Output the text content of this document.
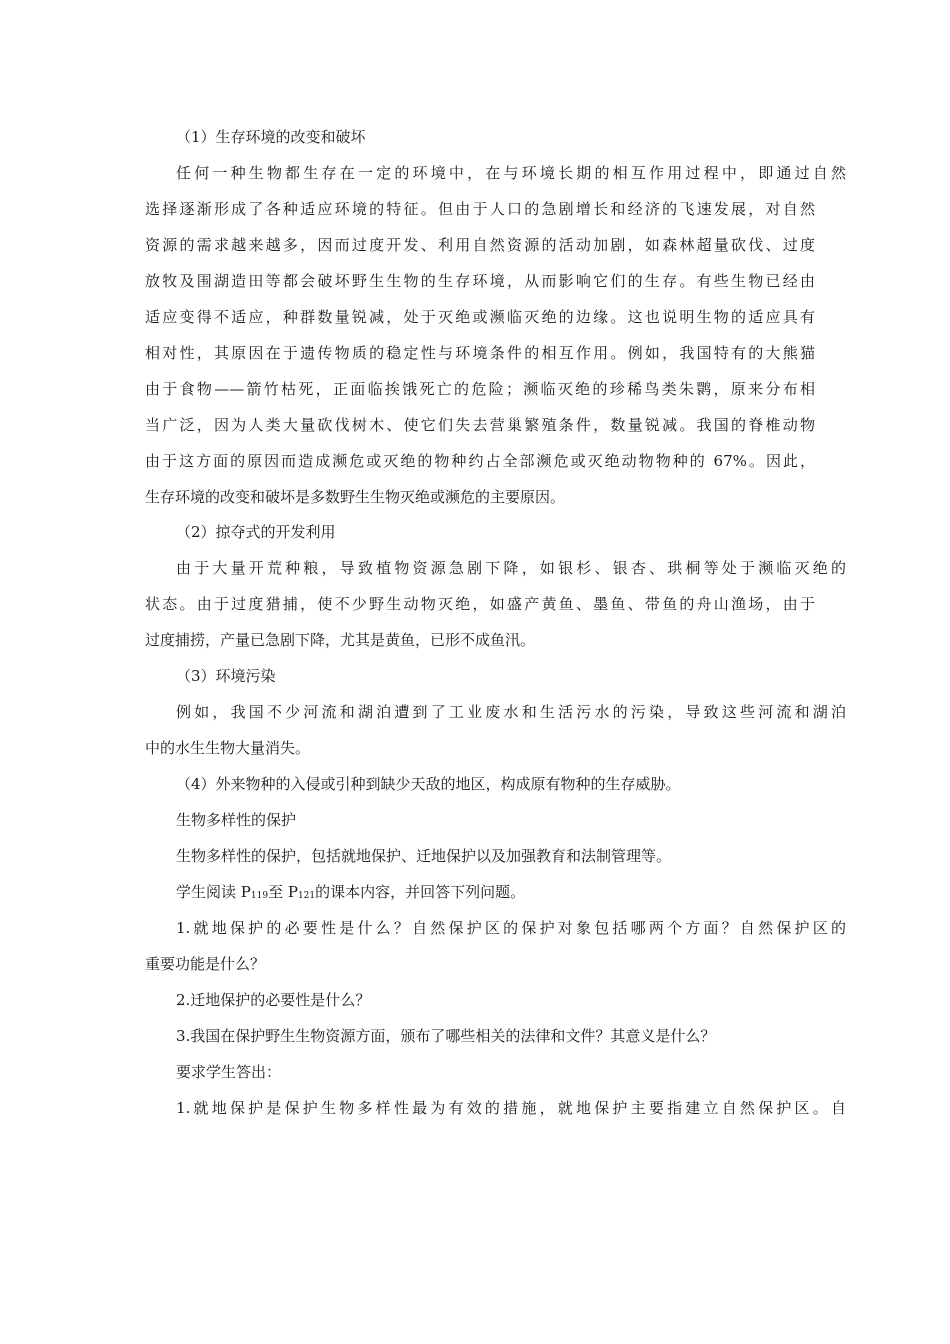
（1）生存环境的改变和破坏
任何一种生物都生存在一定的环境中，在与环境长期的相互作用过程中，即通过自然
选择逐渐形成了各种适应环境的特征。但由于人口的急剧增长和经济的飞速发展，对自然
资源的需求越来越多，因而过度开发、利用自然资源的活动加剧，如森林超量砍伐、过度
放牧及围湖造田等都会破坏野生生物的生存环境，从而影响它们的生存。有些生物已经由
适应变得不适应，种群数量锐减，处于灭绝或濒临灭绝的边缘。这也说明生物的适应具有
相对性，其原因在于遗传物质的稳定性与环境条件的相互作用。例如，我国特有的大熊猫
由于食物——箭竹枯死，正面临挨饿死亡的危险；濒临灭绝的珍稀鸟类朱鹮，原来分布相
当广泛，因为人类大量砍伐树木、使它们失去营巢繁殖条件，数量锐减。我国的脊椎动物
由于这方面的原因而造成濒危或灭绝的物种约占全部濒危或灭绝动物物种的 67%。因此，
生存环境的改变和破坏是多数野生生物灭绝或濒危的主要原因。
（2）掠夺式的开发利用
由于大量开荒种粮，导致植物资源急剧下降，如银杉、银杏、珙桐等处于濒临灭绝的
状态。由于过度猎捕，使不少野生动物灭绝，如盛产黄鱼、墨鱼、带鱼的舟山渔场，由于
过度捕捞，产量已急剧下降，尤其是黄鱼，已形不成鱼汛。
（3）环境污染
例如，我国不少河流和湖泊遭到了工业废水和生活污水的污染，导致这些河流和湖泊
中的水生生物大量消失。
（4）外来物种的入侵或引种到缺少天敌的地区，构成原有物种的生存威胁。
生物多样性的保护
生物多样性的保护，包括就地保护、迁地保护以及加强教育和法制管理等。
学生阅读 $P_{119}$至 $P_{121}$的课本内容，并回答下列问题。
1.就地保护的必要性是什么？自然保护区的保护对象包括哪两个方面？自然保护区的
重要功能是什么？
2.迁地保护的必要性是什么？
3.我国在保护野生生物资源方面，颁布了哪些相关的法律和文件？其意义是什么？
要求学生答出：
1.就地保护是保护生物多样性最为有效的措施，就地保护主要指建立自然保护区。自
